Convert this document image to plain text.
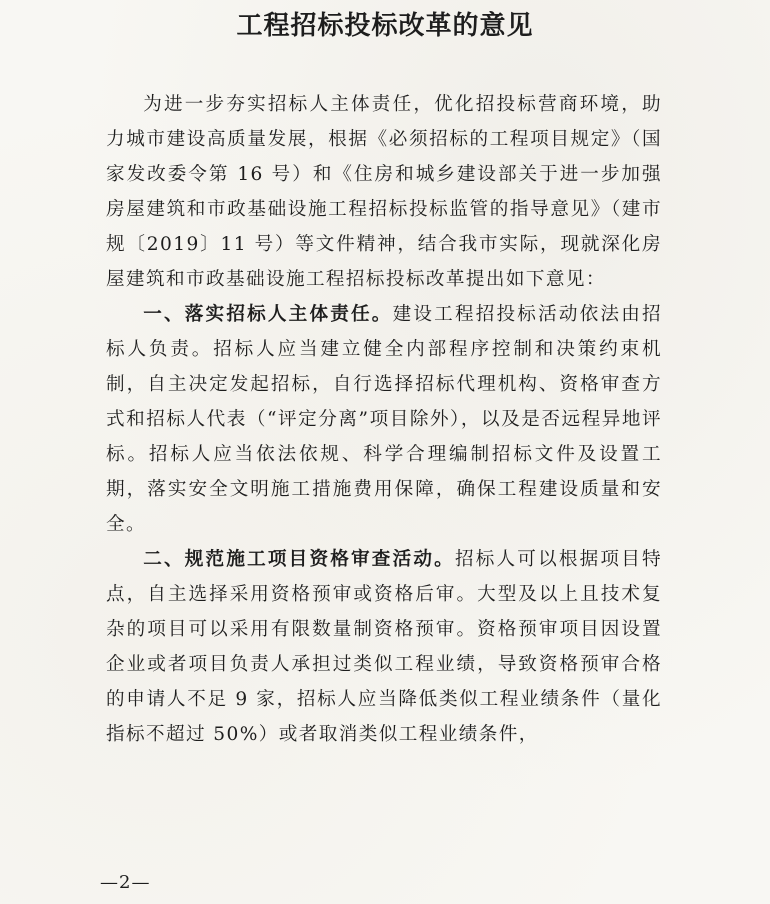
工程招标投标改革的意见

为进一步夯实招标人主体责任，优化招投标营商环境，助力城市建设高质量发展，根据《必须招标的工程项目规定》（国家发改委令第 16 号）和《住房和城乡建设部关于进一步加强房屋建筑和市政基础设施工程招标投标监管的指导意见》（建市规〔2019〕11 号）等文件精神，结合我市实际，现就深化房屋建筑和市政基础设施工程招标投标改革提出如下意见：

一、落实招标人主体责任。建设工程招投标活动依法由招标人负责。招标人应当建立健全内部程序控制和决策约束机制，自主决定发起招标，自行选择招标代理机构、资格审查方式和招标人代表（“评定分离”项目除外），以及是否远程异地评标。招标人应当依法依规、科学合理编制招标文件及设置工期，落实安全文明施工措施费用保障，确保工程建设质量和安全。

二、规范施工项目资格审查活动。招标人可以根据项目特点，自主选择采用资格预审或资格后审。大型及以上且技术复杂的项目可以采用有限数量制资格预审。资格预审项目因设置企业或者项目负责人承担过类似工程业绩，导致资格预审合格的申请人不足 9 家，招标人应当降低类似工程业绩条件（量化指标不超过 50%）或者取消类似工程业绩条件，

—2—
